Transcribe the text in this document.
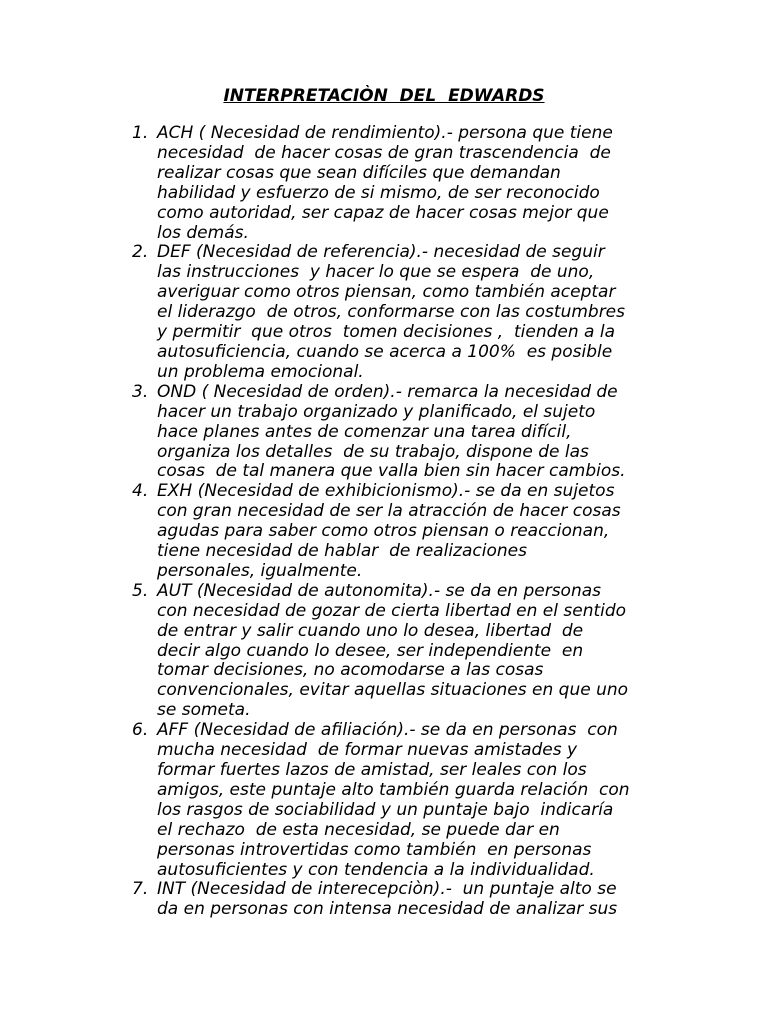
INTERPRETACIÒN  DEL  EDWARDS
1. ACH ( Necesidad de rendimiento).- persona que tiene
necesidad  de hacer cosas de gran trascendencia  de
realizar cosas que sean difíciles que demandan
habilidad y esfuerzo de si mismo, de ser reconocido
como autoridad, ser capaz de hacer cosas mejor que
los demás.
2. DEF (Necesidad de referencia).- necesidad de seguir
las instrucciones  y hacer lo que se espera  de uno,
averiguar como otros piensan, como también aceptar
el liderazgo  de otros, conformarse con las costumbres
y permitir  que otros  tomen decisiones ,  tienden a la
autosuficiencia, cuando se acerca a 100%  es posible
un problema emocional.
3. OND ( Necesidad de orden).- remarca la necesidad de
hacer un trabajo organizado y planificado, el sujeto
hace planes antes de comenzar una tarea difícil,
organiza los detalles  de su trabajo, dispone de las
cosas  de tal manera que valla bien sin hacer cambios.
4. EXH (Necesidad de exhibicionismo).- se da en sujetos
con gran necesidad de ser la atracción de hacer cosas
agudas para saber como otros piensan o reaccionan,
tiene necesidad de hablar  de realizaciones
personales, igualmente.
5. AUT (Necesidad de autonomita).- se da en personas
con necesidad de gozar de cierta libertad en el sentido
de entrar y salir cuando uno lo desea, libertad  de
decir algo cuando lo desee, ser independiente  en
tomar decisiones, no acomodarse a las cosas
convencionales, evitar aquellas situaciones en que uno
se someta.
6. AFF (Necesidad de afiliación).- se da en personas  con
mucha necesidad  de formar nuevas amistades y
formar fuertes lazos de amistad, ser leales con los
amigos, este puntaje alto también guarda relación  con
los rasgos de sociabilidad y un puntaje bajo  indicaría
el rechazo  de esta necesidad, se puede dar en
personas introvertidas como también  en personas
autosuficientes y con tendencia a la individualidad.
7. INT (Necesidad de interecepciòn).-  un puntaje alto se
da en personas con intensa necesidad de analizar sus
